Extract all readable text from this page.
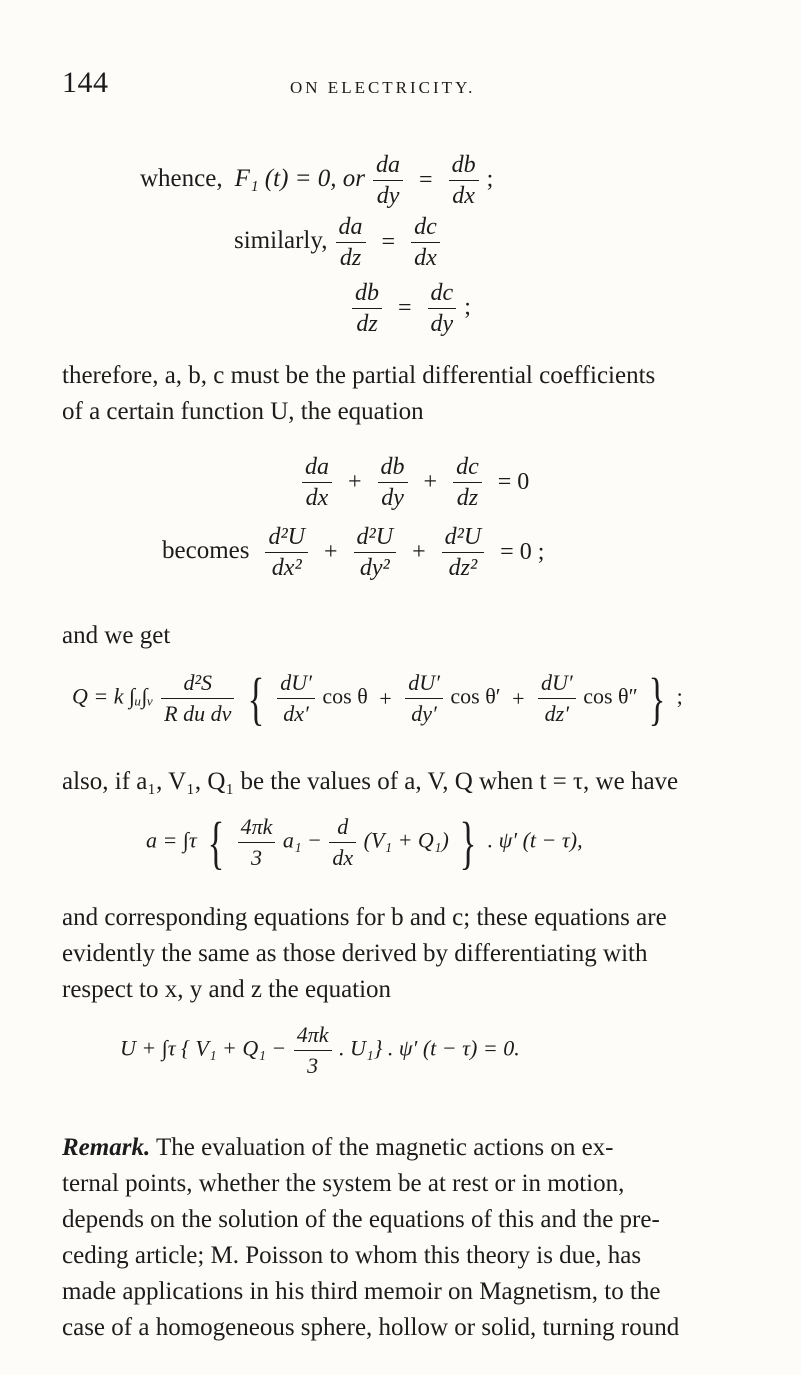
144	ON ELECTRICITY.
whence, F₁ (t) = 0, or $\frac{da}{dy} = \frac{db}{dx}$ ;
similarly, $\frac{da}{dz} = \frac{dc}{dx}$
$\frac{db}{dz} = \frac{dc}{dy}$ ;
therefore, a, b, c must be the partial differential coefficients
of a certain function U, the equation
$\frac{da}{dx} + \frac{db}{dy} + \frac{dc}{dz} = 0$
becomes $\frac{\text{d²U}}{\text{dx²}} + \frac{\text{d²U}}{\text{dy²}} + \frac{\text{d²U}}{\text{dz²}} = 0$ ;
and we get
Q = k ∫ᵤ∫ᵥ $\frac{\text{d²S}}{\text{R du dv}}$ { $\frac{dU'}{dx'}$ $\cos \theta + \frac{dU'}{dy'}$ $\cos \theta' + \frac{dU'}{dz'}$ cos θ″ } ;
also, if a₁, V₁, Q₁ be the values of a, V, Q when t = τ, we have
a = ∫τ { $\frac{4\pi k}{3} a_1 - \frac{d}{dx} (V_1 + Q_1)$ } . ψ′ (t − τ),
and corresponding equations for b and c; these equations are
evidently the same as those derived by differentiating with
respect to x, y and z the equation
U + ∫τ { $V_1 + Q_1 - \frac{4\pi k}{3}$ . U₁} . ψ′ (t − τ) = 0.
Remark. The evaluation of the magnetic actions on ex-
ternal points, whether the system be at rest or in motion,
depends on the solution of the equations of this and the pre-
ceding article; M. Poisson to whom this theory is due, has
made applications in his third memoir on Magnetism, to the
case of a homogeneous sphere, hollow or solid, turning round
